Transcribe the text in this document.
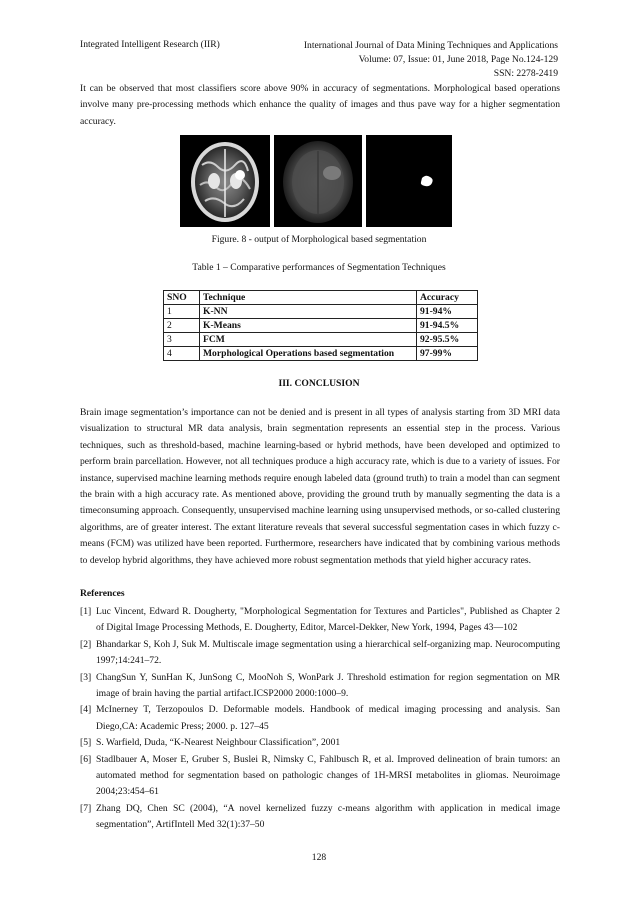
Integrated Intelligent Research (IIR)	International Journal of Data Mining Techniques and Applications
Volume: 07, Issue: 01, June 2018, Page No.124-129
SSN: 2278-2419
It can be observed that most classifiers score above 90% in accuracy of segmentations. Morphological based operations involve many pre-processing methods which enhance the quality of images and thus pave way for a higher segmentation accuracy.
Figure. 8 - output of Morphological based segmentation
Table 1 – Comparative performances of Segmentation Techniques
SNO	Technique	Accuracy
1	K-NN	91-94%
2	K-Means	91-94.5%
3	FCM	92-95.5%
4	Morphological Operations based segmentation	97-99%
III. CONCLUSION
Brain image segmentation’s importance can not be denied and is present in all types of analysis starting from 3D MRI data visualization to structural MR data analysis, brain segmentation represents an essential step in the process. Various techniques, such as threshold-based, machine learning-based or hybrid methods, have been developed and optimized to perform brain parcellation. However, not all techniques produce a high accuracy rate, which is due to a variety of issues. For instance, supervised machine learning methods require enough labeled data (ground truth) to train a model than can segment the brain with a high accuracy rate. As mentioned above, providing the ground truth by manually segmenting the data is a timeconsuming approach. Consequently, unsupervised machine learning using unsupervised methods, or so-called clustering algorithms, are of greater interest. The extant literature reveals that several successful segmentation cases in which fuzzy c-means (FCM) was utilized have been reported. Furthermore, researchers have indicated that by combining various methods to develop hybrid algorithms, they have achieved more robust segmentation methods that yield higher accuracy rates.
References
[1] Luc Vincent, Edward R. Dougherty, "Morphological Segmentation for Textures and Particles", Published as Chapter 2 of Digital Image Processing Methods, E. Dougherty, Editor, Marcel-Dekker, New York, 1994, Pages 43—102
[2] Bhandarkar S, Koh J, Suk M. Multiscale image segmentation using a hierarchical self-organizing map. Neurocomputing 1997;14:241–72.
[3] ChangSun Y, SunHan K, JunSong C, MooNoh S, WonPark J. Threshold estimation for region segmentation on MR image of brain having the partial artifact.ICSP2000 2000:1000–9.
[4] McInerney T, Terzopoulos D. Deformable models. Handbook of medical imaging processing and analysis. San Diego,CA: Academic Press; 2000. p. 127–45
[5] S. Warfield, Duda, “K-Nearest Neighbour Classification”, 2001
[6] Stadlbauer A, Moser E, Gruber S, Buslei R, Nimsky C, Fahlbusch R, et al. Improved delineation of brain tumors: an automated method for segmentation based on pathologic changes of 1H-MRSI metabolites in gliomas. Neuroimage 2004;23:454–61
[7] Zhang DQ, Chen SC (2004), “A novel kernelized fuzzy c-means algorithm with application in medical image segmentation”, ArtifIntell Med 32(1):37–50
128
